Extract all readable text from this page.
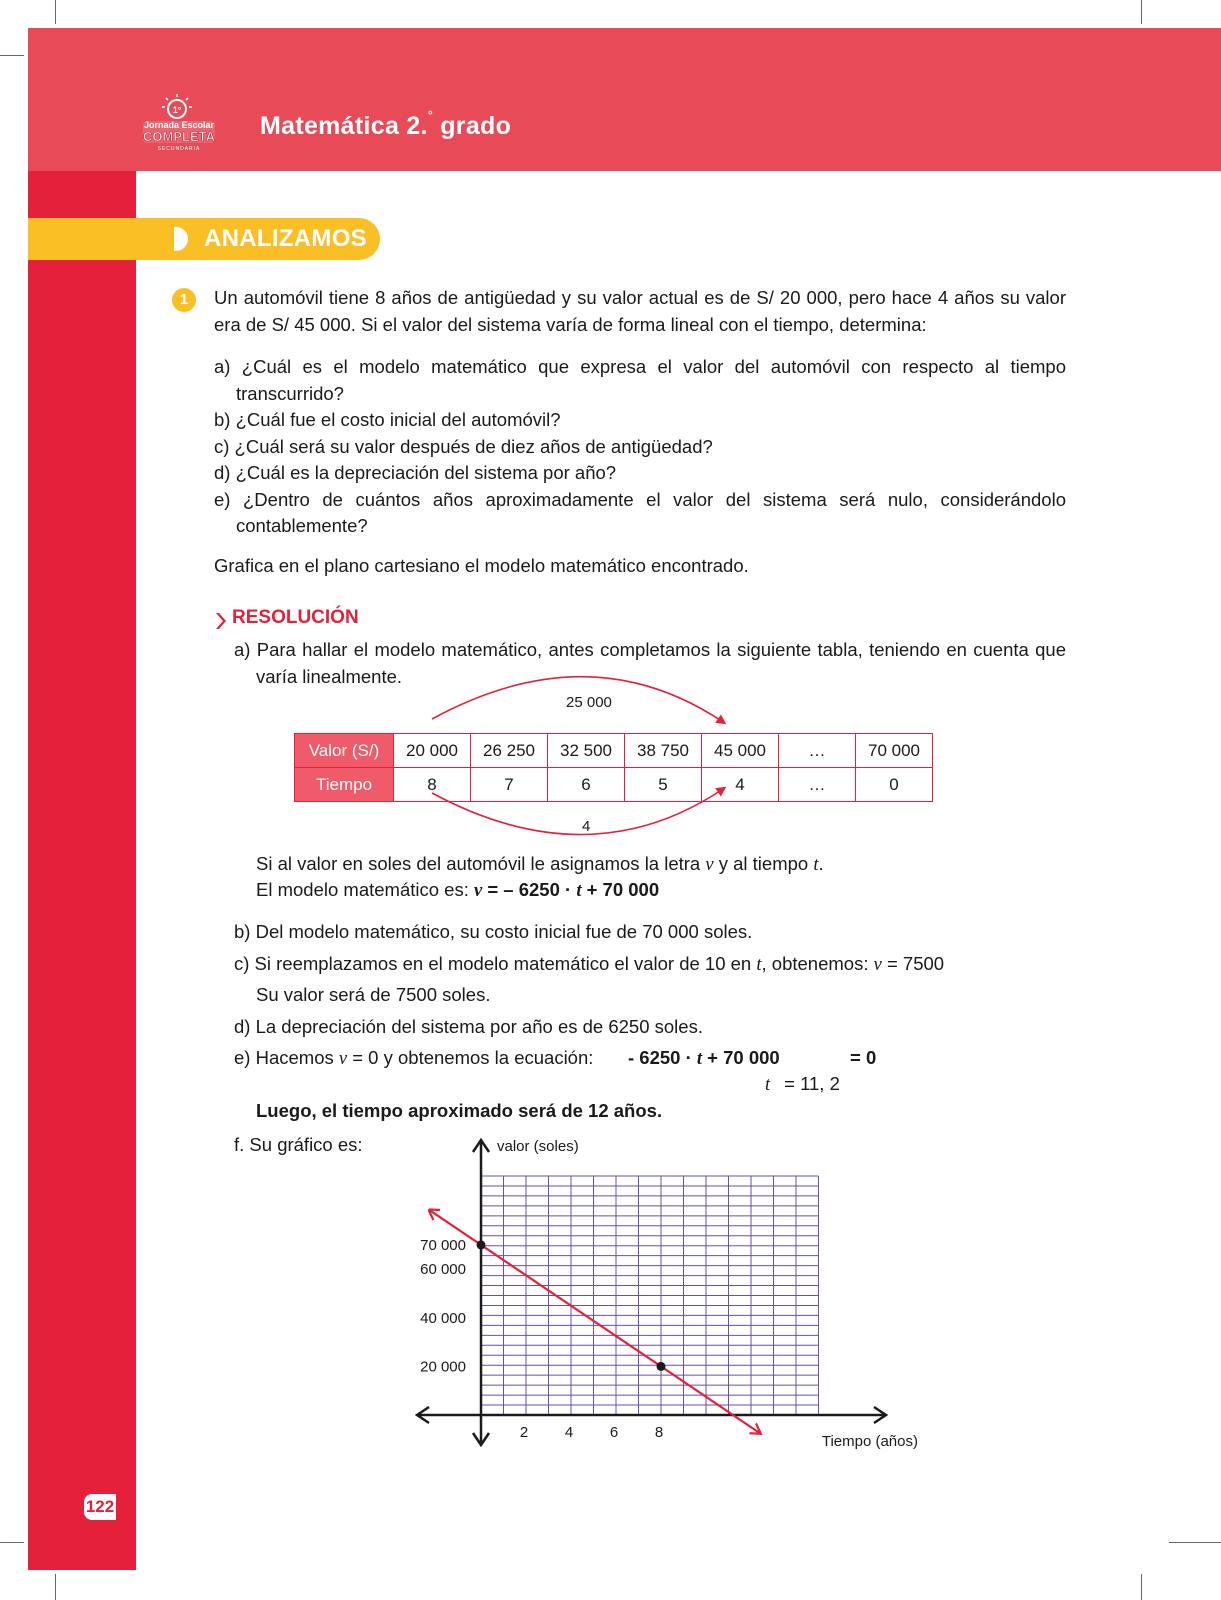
1°
Jornada Escolar
COMPLETA
SECUNDARIA
Matemática 2.° grado
ANALIZAMOS
1	Un automóvil tiene 8 años de antigüedad y su valor actual es de S/ 20 000, pero hace 4 años su valor era de S/ 45 000. Si el valor del sistema varía de forma lineal con el tiempo, determina:
a) ¿Cuál es el modelo matemático que expresa el valor del automóvil con respecto al tiempo transcurrido?
b) ¿Cuál fue el costo inicial del automóvil?
c) ¿Cuál será su valor después de diez años de antigüedad?
d) ¿Cuál es la depreciación del sistema por año?
e) ¿Dentro de cuántos años aproximadamente el valor del sistema será nulo, considerándolo contablemente?
Grafica en el plano cartesiano el modelo matemático encontrado.
RESOLUCIÓN
a) Para hallar el modelo matemático, antes completamos la siguiente tabla, teniendo en cuenta que varía linealmente.
25 000
4
Valor (S/)	20 000	26 250	32 500	38 750	45 000	…	70 000
Tiempo	8	7	6	5	4	…	0
Si al valor en soles del automóvil le asignamos la letra v y al tiempo t.
El modelo matemático es: v = – 6250 · t + 70 000
b) Del modelo matemático, su costo inicial fue de 70 000 soles.
c) Si reemplazamos en el modelo matemático el valor de 10 en t, obtenemos: v = 7500
Su valor será de 7500 soles.
d) La depreciación del sistema por año es de 6250 soles.
e) Hacemos v = 0 y obtenemos la ecuación: - 6250 · t + 70 000	= 0
t = 11, 2
Luego, el tiempo aproximado será de 12 años.
f. Su gráfico es:
2 4 6 8
20 000
40 000
60 000
70 000
Tiempo (años)
valor (soles)
122
